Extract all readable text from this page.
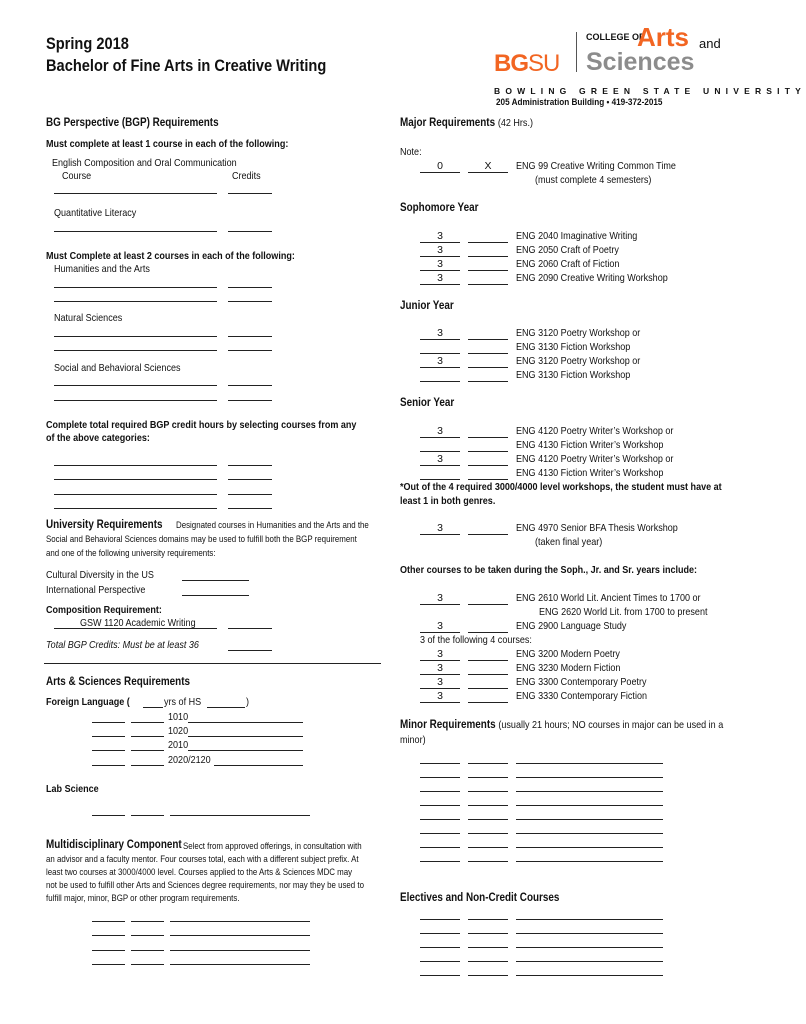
Spring 2018
Bachelor of Fine Arts in Creative Writing	BGSU
COLLEGE OF
Arts and
Sciences
BOWLING GREEN STATE UNIVERSITY
205 Administration Building • 419-372-2015
BG Perspective (BGP) Requirements
Must complete at least 1 course in each of the following:
English Composition and Oral Communication
Course	Credits
Quantitative Literacy
Must Complete at least 2 courses in each of the following:
Humanities and the Arts
Natural Sciences
Social and Behavioral Sciences
Complete total required BGP credit hours by selecting courses from any
of the above categories:
University Requirements Designated courses in Humanities and the Arts and the
Social and Behavioral Sciences domains may be used to fulfill both the BGP requirement
and one of the following university requirements:
Cultural Diversity in the US
International Perspective
Composition Requirement:
GSW 1120 Academic Writing
Total BGP Credits: Must be at least 36
Arts & Sciences Requirements
Foreign Language (	yrs of HS	)
1010
1020
2010
2020/2120
Lab Science
Multidisciplinary Component Select from approved offerings, in consultation with
an advisor and a faculty mentor. Four courses total, each with a different subject prefix. At
least two courses at 3000/4000 level. Courses applied to the Arts & Sciences MDC may
not be used to fulfill other Arts and Sciences degree requirements, nor may they be used to
fulfill major, minor, BGP or other program requirements.
Major Requirements (42 Hrs.)
Note:
0	X	ENG 99 Creative Writing Common Time
(must complete 4 semesters)
Sophomore Year
3	ENG 2040 Imaginative Writing
3	ENG 2050 Craft of Poetry
3	ENG 2060 Craft of Fiction
3	ENG 2090 Creative Writing Workshop
Junior Year
3	ENG 3120 Poetry Workshop or
ENG 3130 Fiction Workshop
3	ENG 3120 Poetry Workshop or
ENG 3130 Fiction Workshop
Senior Year
3	ENG 4120 Poetry Writer’s Workshop or
ENG 4130 Fiction Writer’s Workshop
3	ENG 4120 Poetry Writer’s Workshop or
ENG 4130 Fiction Writer’s Workshop
*Out of the 4 required 3000/4000 level workshops, the student must have at
least 1 in both genres.
3	ENG 4970 Senior BFA Thesis Workshop
(taken final year)
Other courses to be taken during the Soph., Jr. and Sr. years include:
3	ENG 2610 World Lit. Ancient Times to 1700 or
ENG 2620 World Lit. from 1700 to present
3	ENG 2900 Language Study
3 of the following 4 courses:
3	ENG 3200 Modern Poetry
3	ENG 3230 Modern Fiction
3	ENG 3300 Contemporary Poetry
3	ENG 3330 Contemporary Fiction
Minor Requirements (usually 21 hours; NO courses in major can be used in a
minor)
Electives and Non-Credit Courses
